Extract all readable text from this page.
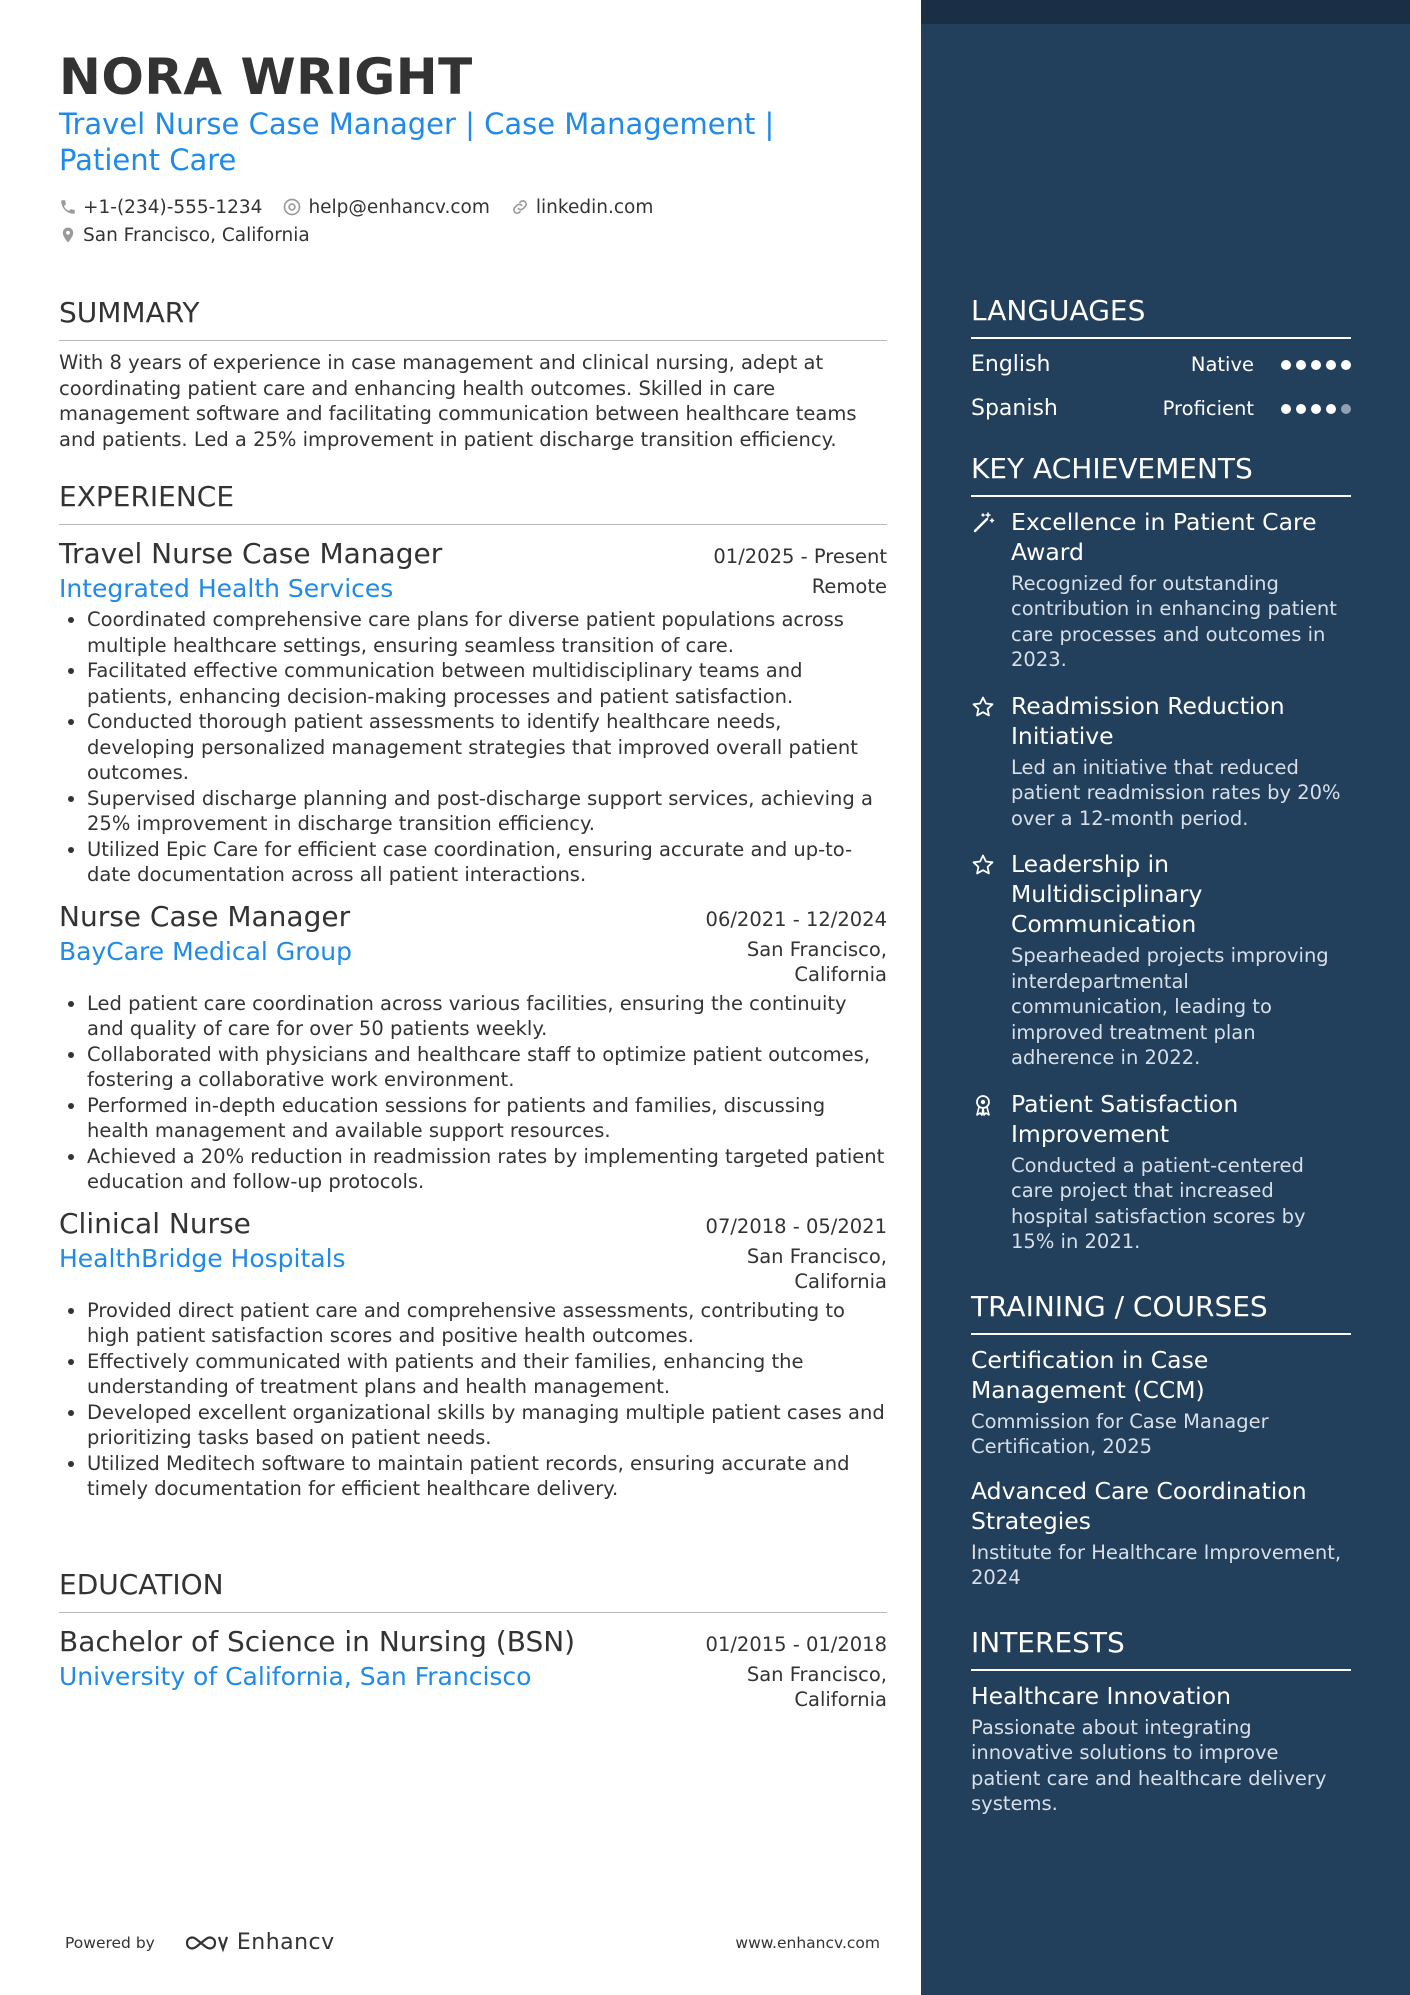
NORA WRIGHT
Travel Nurse Case Manager | Case Management |
Patient Care
+1-(234)-555-1234 help@enhancv.com linkedin.com
San Francisco, California
SUMMARY
With 8 years of experience in case management and clinical nursing, adept at coordinating patient care and enhancing health outcomes. Skilled in care management software and facilitating communication between healthcare teams and patients. Led a 25% improvement in patient discharge transition efficiency.
EXPERIENCE
Travel Nurse Case Manager	01/2025 - Present
Integrated Health Services	Remote
• Coordinated comprehensive care plans for diverse patient populations across multiple healthcare settings, ensuring seamless transition of care.
• Facilitated effective communication between multidisciplinary teams and patients, enhancing decision-making processes and patient satisfaction.
• Conducted thorough patient assessments to identify healthcare needs, developing personalized management strategies that improved overall patient outcomes.
• Supervised discharge planning and post-discharge support services, achieving a 25% improvement in discharge transition efficiency.
• Utilized Epic Care for efficient case coordination, ensuring accurate and up-to-date documentation across all patient interactions.
Nurse Case Manager	06/2021 - 12/2024
BayCare Medical Group	San Francisco, California
• Led patient care coordination across various facilities, ensuring the continuity and quality of care for over 50 patients weekly.
• Collaborated with physicians and healthcare staff to optimize patient outcomes, fostering a collaborative work environment.
• Performed in-depth education sessions for patients and families, discussing health management and available support resources.
• Achieved a 20% reduction in readmission rates by implementing targeted patient education and follow-up protocols.
Clinical Nurse	07/2018 - 05/2021
HealthBridge Hospitals	San Francisco, California
• Provided direct patient care and comprehensive assessments, contributing to high patient satisfaction scores and positive health outcomes.
• Effectively communicated with patients and their families, enhancing the understanding of treatment plans and health management.
• Developed excellent organizational skills by managing multiple patient cases and prioritizing tasks based on patient needs.
• Utilized Meditech software to maintain patient records, ensuring accurate and timely documentation for efficient healthcare delivery.
EDUCATION
Bachelor of Science in Nursing (BSN)	01/2015 - 01/2018
University of California, San Francisco	San Francisco, California
Powered by	Enhancv	www.enhancv.com
LANGUAGES
English	Native
Spanish	Proficient
KEY ACHIEVEMENTS
Excellence in Patient Care Award
Recognized for outstanding contribution in enhancing patient care processes and outcomes in 2023.
Readmission Reduction Initiative
Led an initiative that reduced patient readmission rates by 20% over a 12-month period.
Leadership in Multidisciplinary Communication
Spearheaded projects improving interdepartmental communication, leading to improved treatment plan adherence in 2022.
Patient Satisfaction Improvement
Conducted a patient-centered care project that increased hospital satisfaction scores by 15% in 2021.
TRAINING / COURSES
Certification in Case Management (CCM)
Commission for Case Manager Certification, 2025
Advanced Care Coordination Strategies
Institute for Healthcare Improvement, 2024
INTERESTS
Healthcare Innovation
Passionate about integrating innovative solutions to improve patient care and healthcare delivery systems.
